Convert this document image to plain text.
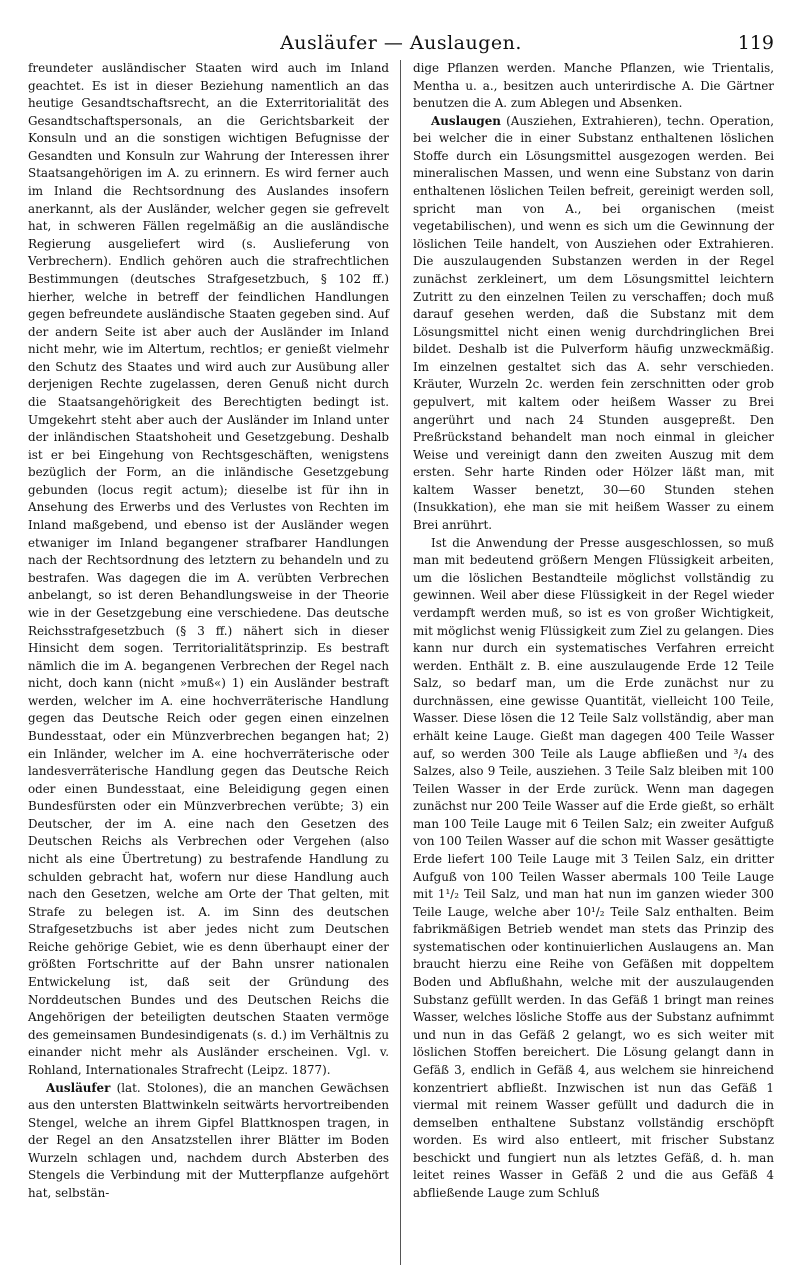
Ausläufer — Auslaugen.	119

freundeter ausländischer Staaten wird auch im Inland geachtet. Es ist in dieser Beziehung namentlich an das heutige Gesandtschaftsrecht, an die Exterritorialität des Gesandtschaftspersonals, an die Gerichtsbarkeit der Konsuln und an die sonstigen wichtigen Befugnisse der Gesandten und Konsuln zur Wahrung der Interessen ihrer Staatsangehörigen im A. zu erinnern. Es wird ferner auch im Inland die Rechtsordnung des Auslandes insofern anerkannt, als der Ausländer, welcher gegen sie gefrevelt hat, in schweren Fällen regelmäßig an die ausländische Regierung ausgeliefert wird (s. Auslieferung von Verbrechern). Endlich gehören auch die strafrechtlichen Bestimmungen (deutsches Strafgesetzbuch, § 102 ff.) hierher, welche in betreff der feindlichen Handlungen gegen befreundete ausländische Staaten gegeben sind. Auf der andern Seite ist aber auch der Ausländer im Inland nicht mehr, wie im Altertum, rechtlos; er genießt vielmehr den Schutz des Staates und wird auch zur Ausübung aller derjenigen Rechte zugelassen, deren Genuß nicht durch die Staatsangehörigkeit des Berechtigten bedingt ist. Umgekehrt steht aber auch der Ausländer im Inland unter der inländischen Staatshoheit und Gesetzgebung. Deshalb ist er bei Eingehung von Rechtsgeschäften, wenigstens bezüglich der Form, an die inländische Gesetzgebung gebunden (locus regit actum); dieselbe ist für ihn in Ansehung des Erwerbs und des Verlustes von Rechten im Inland maßgebend, und ebenso ist der Ausländer wegen etwaniger im Inland begangener strafbarer Handlungen nach der Rechtsordnung des letztern zu behandeln und zu bestrafen. Was dagegen die im A. verübten Verbrechen anbelangt, so ist deren Behandlungsweise in der Theorie wie in der Gesetzgebung eine verschiedene. Das deutsche Reichsstrafgesetzbuch (§ 3 ff.) nähert sich in dieser Hinsicht dem sogen. Territorialitätsprinzip. Es bestraft nämlich die im A. begangenen Verbrechen der Regel nach nicht, doch kann (nicht »muß«) 1) ein Ausländer bestraft werden, welcher im A. eine hochverräterische Handlung gegen das Deutsche Reich oder gegen einen einzelnen Bundesstaat, oder ein Münzverbrechen begangen hat; 2) ein Inländer, welcher im A. eine hochverräterische oder landesverräterische Handlung gegen das Deutsche Reich oder einen Bundesstaat, eine Beleidigung gegen einen Bundesfürsten oder ein Münzverbrechen verübte; 3) ein Deutscher, der im A. eine nach den Gesetzen des Deutschen Reichs als Verbrechen oder Vergehen (also nicht als eine Übertretung) zu bestrafende Handlung zu schulden gebracht hat, wofern nur diese Handlung auch nach den Gesetzen, welche am Orte der That gelten, mit Strafe zu belegen ist. A. im Sinn des deutschen Strafgesetzbuchs ist aber jedes nicht zum Deutschen Reiche gehörige Gebiet, wie es denn überhaupt einer der größten Fortschritte auf der Bahn unsrer nationalen Entwickelung ist, daß seit der Gründung des Norddeutschen Bundes und des Deutschen Reichs die Angehörigen der beteiligten deutschen Staaten vermöge des gemeinsamen Bundesindigenats (s. d.) im Verhältnis zu einander nicht mehr als Ausländer erscheinen. Vgl. v. Rohland, Internationales Strafrecht (Leipz. 1877).

Ausläufer (lat. Stolones), die an manchen Gewächsen aus den untersten Blattwinkeln seitwärts hervortreibenden Stengel, welche an ihrem Gipfel Blattknospen tragen, in der Regel an den Ansatzstellen ihrer Blätter im Boden Wurzeln schlagen und, nachdem durch Absterben des Stengels die Verbindung mit der Mutterpflanze aufgehört hat, selbstän-

dige Pflanzen werden. Manche Pflanzen, wie Trientalis, Mentha u. a., besitzen auch unterirdische A. Die Gärtner benutzen die A. zum Ablegen und Absenken.

Auslaugen (Ausziehen, Extrahieren), techn. Operation, bei welcher die in einer Substanz enthaltenen löslichen Stoffe durch ein Lösungsmittel ausgezogen werden. Bei mineralischen Massen, und wenn eine Substanz von darin enthaltenen löslichen Teilen befreit, gereinigt werden soll, spricht man von A., bei organischen (meist vegetabilischen), und wenn es sich um die Gewinnung der löslichen Teile handelt, von Ausziehen oder Extrahieren. Die auszulaugenden Substanzen werden in der Regel zunächst zerkleinert, um dem Lösungsmittel leichtern Zutritt zu den einzelnen Teilen zu verschaffen; doch muß darauf gesehen werden, daß die Substanz mit dem Lösungsmittel nicht einen wenig durchdringlichen Brei bildet. Deshalb ist die Pulverform häufig unzweckmäßig. Im einzelnen gestaltet sich das A. sehr verschieden. Kräuter, Wurzeln 2c. werden fein zerschnitten oder grob gepulvert, mit kaltem oder heißem Wasser zu Brei angerührt und nach 24 Stunden ausgepreßt. Den Preßrückstand behandelt man noch einmal in gleicher Weise und vereinigt dann den zweiten Auszug mit dem ersten. Sehr harte Rinden oder Hölzer läßt man, mit kaltem Wasser benetzt, 30—60 Stunden stehen (Insukkation), ehe man sie mit heißem Wasser zu einem Brei anrührt.

Ist die Anwendung der Presse ausgeschlossen, so muß man mit bedeutend größern Mengen Flüssigkeit arbeiten, um die löslichen Bestandteile möglichst vollständig zu gewinnen. Weil aber diese Flüssigkeit in der Regel wieder verdampft werden muß, so ist es von großer Wichtigkeit, mit möglichst wenig Flüssigkeit zum Ziel zu gelangen. Dies kann nur durch ein systematisches Verfahren erreicht werden. Enthält z. B. eine auszulaugende Erde 12 Teile Salz, so bedarf man, um die Erde zunächst nur zu durchnässen, eine gewisse Quantität, vielleicht 100 Teile, Wasser. Diese lösen die 12 Teile Salz vollständig, aber man erhält keine Lauge. Gießt man dagegen 400 Teile Wasser auf, so werden 300 Teile als Lauge abfließen und ³/₄ des Salzes, also 9 Teile, ausziehen. 3 Teile Salz bleiben mit 100 Teilen Wasser in der Erde zurück. Wenn man dagegen zunächst nur 200 Teile Wasser auf die Erde gießt, so erhält man 100 Teile Lauge mit 6 Teilen Salz; ein zweiter Aufguß von 100 Teilen Wasser auf die schon mit Wasser gesättigte Erde liefert 100 Teile Lauge mit 3 Teilen Salz, ein dritter Aufguß von 100 Teilen Wasser abermals 100 Teile Lauge mit 1¹/₂ Teil Salz, und man hat nun im ganzen wieder 300 Teile Lauge, welche aber 10¹/₂ Teile Salz enthalten. Beim fabrikmäßigen Betrieb wendet man stets das Prinzip des systematischen oder kontinuierlichen Auslaugens an. Man braucht hierzu eine Reihe von Gefäßen mit doppeltem Boden und Abflußhahn, welche mit der auszulaugenden Substanz gefüllt werden. In das Gefäß 1 bringt man reines Wasser, welches lösliche Stoffe aus der Substanz aufnimmt und nun in das Gefäß 2 gelangt, wo es sich weiter mit löslichen Stoffen bereichert. Die Lösung gelangt dann in Gefäß 3, endlich in Gefäß 4, aus welchem sie hinreichend konzentriert abfließt. Inzwischen ist nun das Gefäß 1 viermal mit reinem Wasser gefüllt und dadurch die in demselben enthaltene Substanz vollständig erschöpft worden. Es wird also entleert, mit frischer Substanz beschickt und fungiert nun als letztes Gefäß, d. h. man leitet reines Wasser in Gefäß 2 und die aus Gefäß 4 abfließende Lauge zum Schluß
